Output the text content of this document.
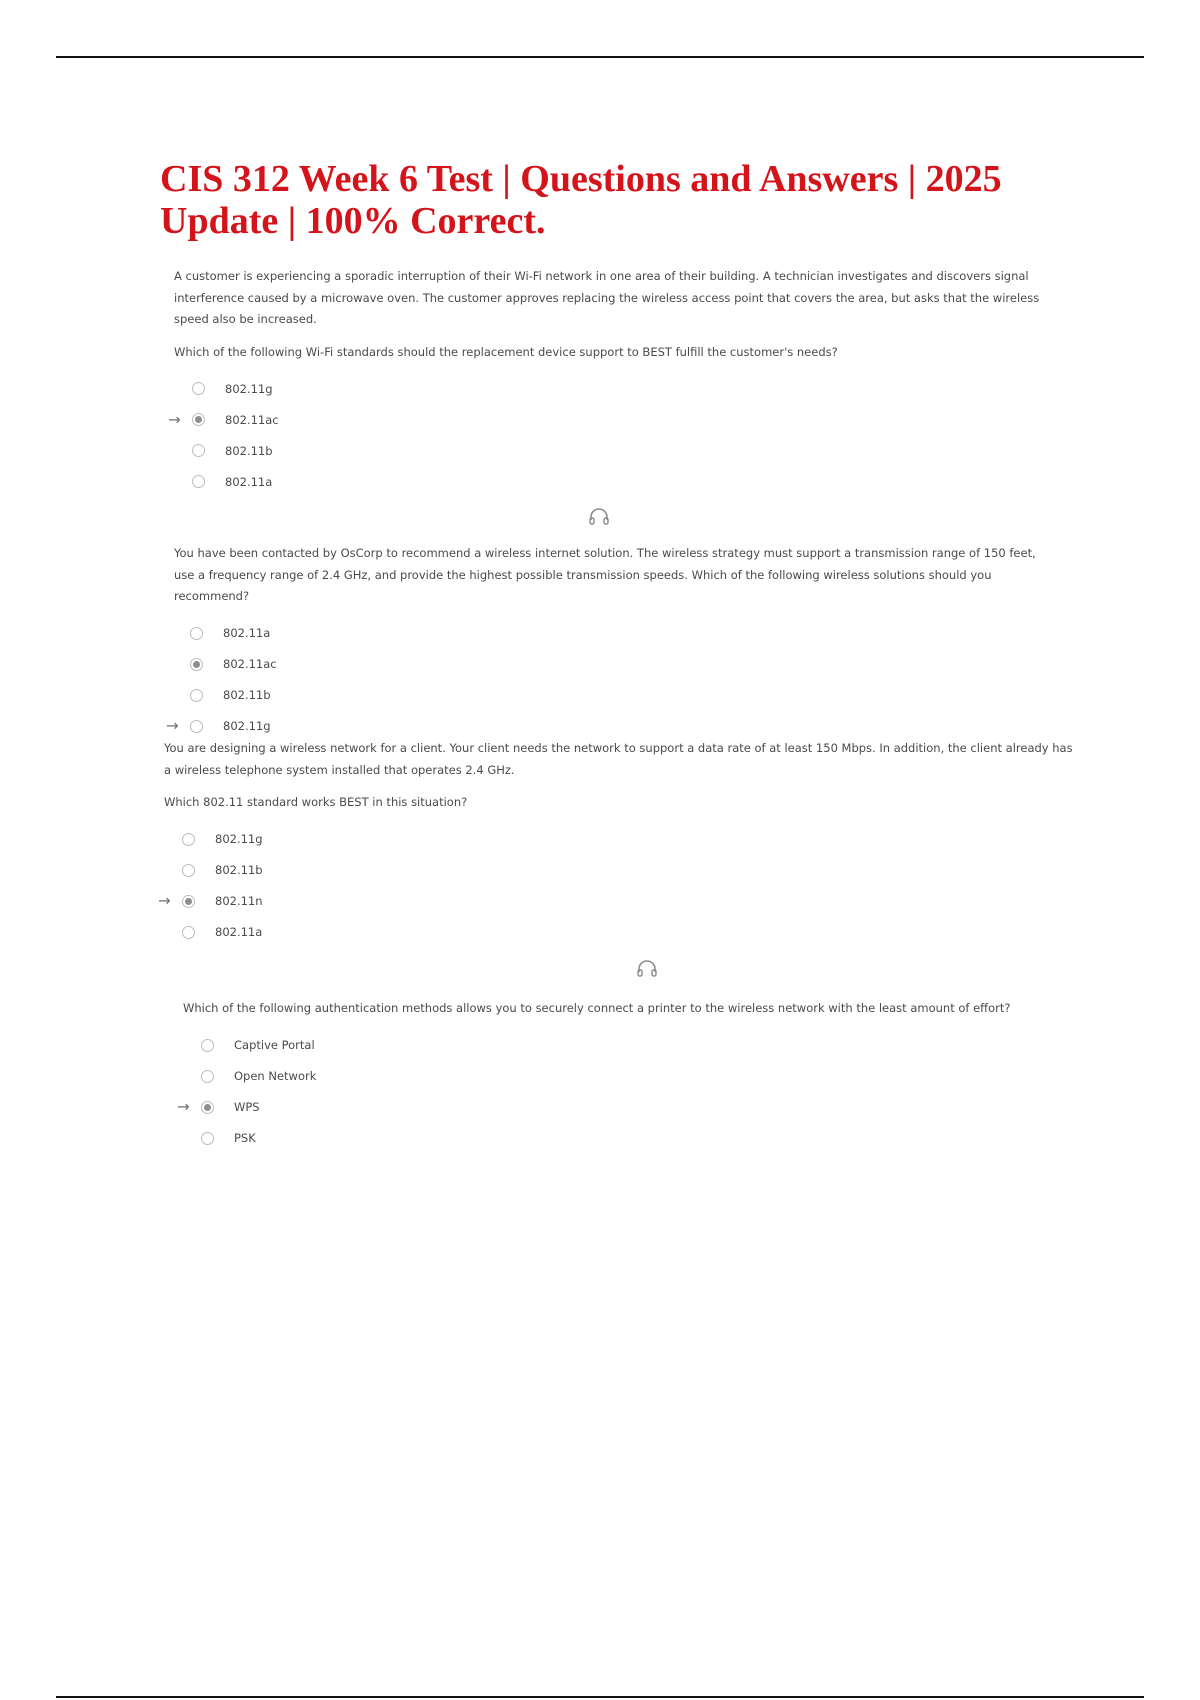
CIS 312 Week 6 Test | Questions and Answers | 2025 Update | 100% Correct.

A customer is experiencing a sporadic interruption of their Wi-Fi network in one area of their building. A technician investigates and discovers signal interference caused by a microwave oven. The customer approves replacing the wireless access point that covers the area, but asks that the wireless speed also be increased.

Which of the following Wi-Fi standards should the replacement device support to BEST fulfill the customer's needs?

802.11g
→	802.11ac
802.11b
802.11a

You have been contacted by OsCorp to recommend a wireless internet solution. The wireless strategy must support a transmission range of 150 feet, use a frequency range of 2.4 GHz, and provide the highest possible transmission speeds. Which of the following wireless solutions should you recommend?

802.11a
802.11ac
802.11b
→	802.11g

You are designing a wireless network for a client. Your client needs the network to support a data rate of at least 150 Mbps. In addition, the client already has a wireless telephone system installed that operates 2.4 GHz.

Which 802.11 standard works BEST in this situation?

802.11g
802.11b
→	802.11n
802.11a

Which of the following authentication methods allows you to securely connect a printer to the wireless network with the least amount of effort?

Captive Portal
Open Network
→	WPS
PSK
